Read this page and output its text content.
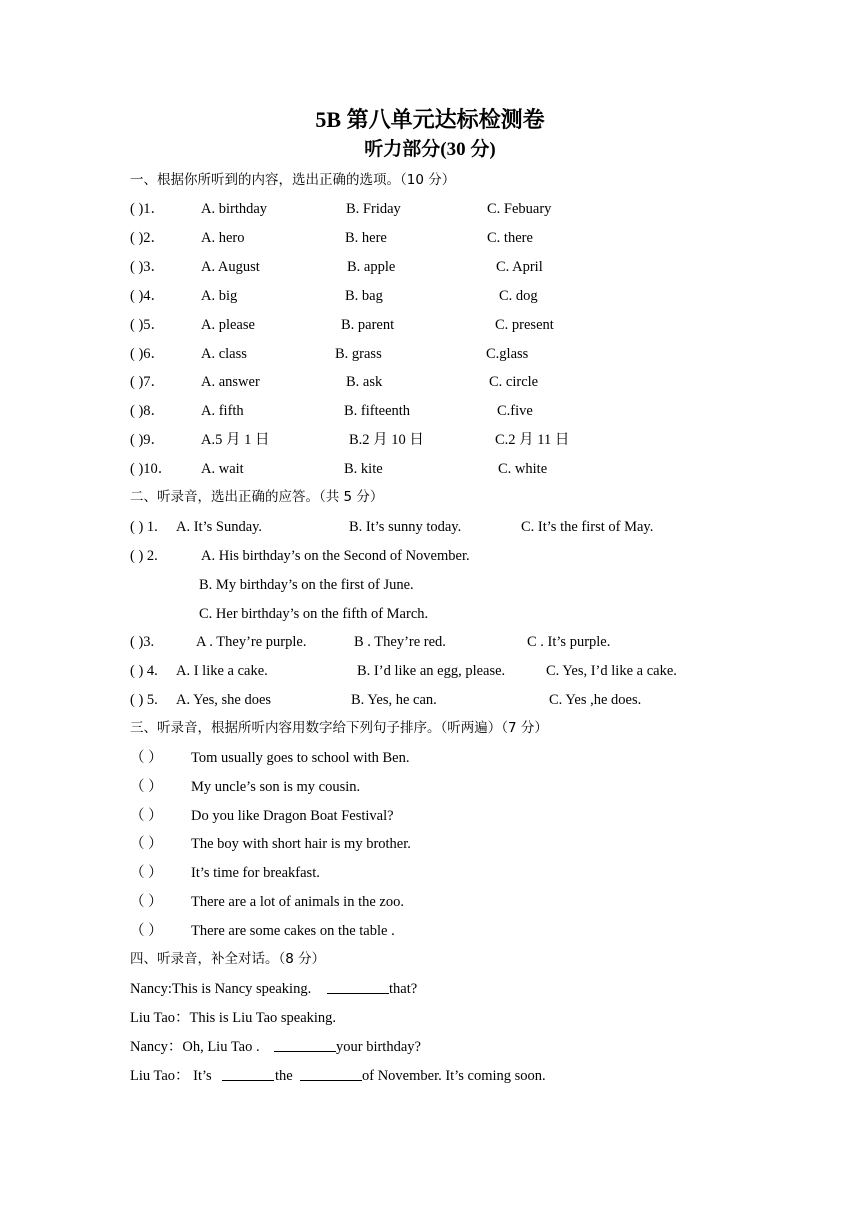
5B 第八单元达标检测卷
听力部分(30 分)
一、根据你所听到的内容，选出正确的选项。（10 分）
( )1． A. birthday	B. Friday	C. Febuary
( )2． A. hero	B. here	C. there
( )3． A. August	B. apple	C. April
( )4． A. big	B. bag	C. dog
( )5． A. please	B. parent	C. present
( )6． A. class	B. grass	C.glass
( )7． A. answer	B. ask	C. circle
( )8． A. fifth	B. fifteenth	C.five
( )9． A.5 月 1 日	B.2 月 10 日	C.2 月 11 日
( )10． A. wait	B. kite	C. white
二、听录音，选出正确的应答。（共 5 分）
( ) 1. A. It’s Sunday.	B. It’s sunny today.	C. It’s the first of May.
( ) 2.	A. His birthday’s on the Second of November.
B. My birthday’s on the first of June.
C. Her birthday’s on the fifth of March.
( )3.	A . They’re purple.	B . They’re red.	C . It’s purple.
( ) 4. A. I like a cake.	B. I’d like an egg, please.	C. Yes, I’d like a cake.
( ) 5. A. Yes, she does	B. Yes, he can.	C. Yes ,he does.
三、听录音，根据所听内容用数字给下列句子排序。（听两遍）（7 分）
（ ） Tom usually goes to school with Ben.
（ ） My uncle’s son is my cousin.
（ ） Do you like Dragon Boat Festival?
（ ） The boy with short hair is my brother.
（ ） It’s time for breakfast.
（ ） There are a lot of animals in the zoo.
（ ） There are some cakes on the table .
四、听录音，补全对话。（8 分）
Nancy:This is Nancy speaking.	that?
Liu Tao：This is Liu Tao speaking.
Nancy：Oh, Liu Tao .	your birthday?
Liu Tao： It’s	the	of November. It’s coming soon.
